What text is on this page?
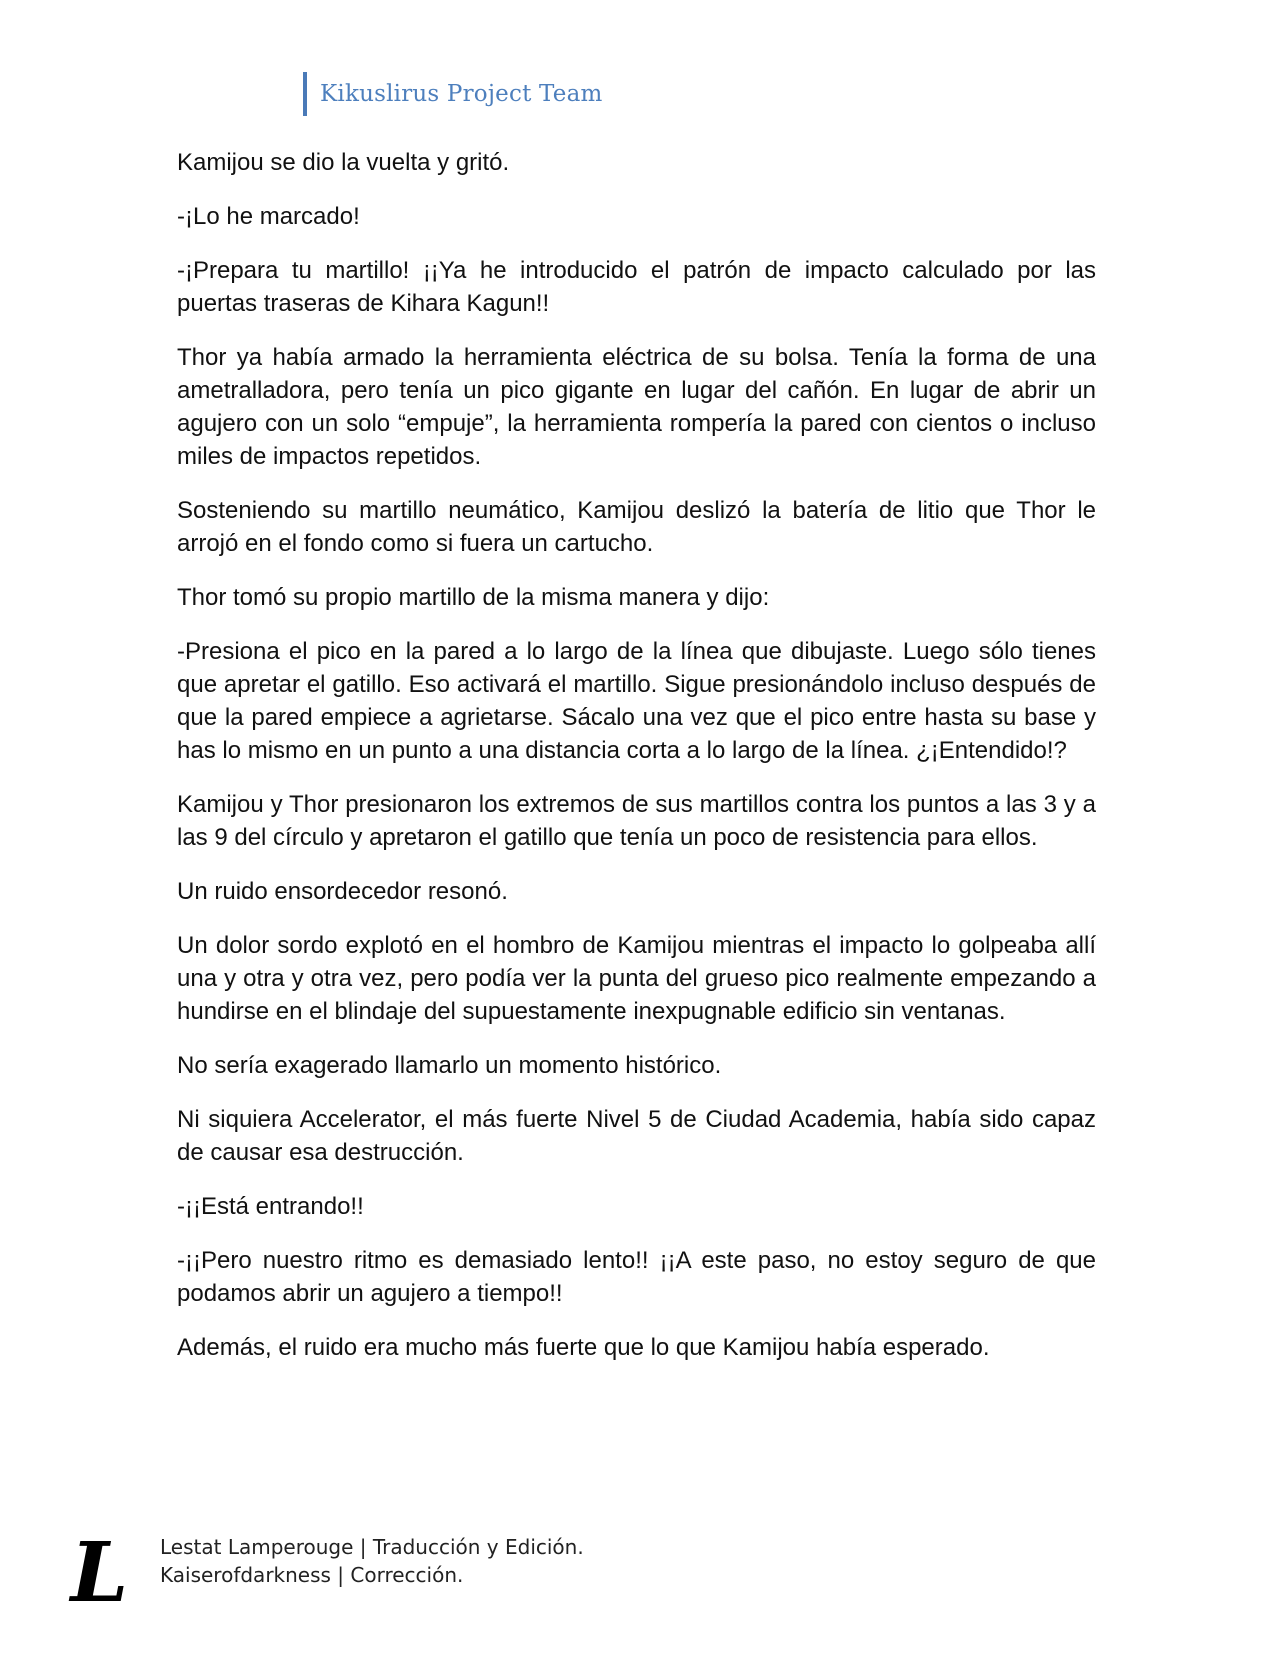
Kikuslirus Project Team

Kamijou se dio la vuelta y gritó.

-¡Lo he marcado!

-¡Prepara tu martillo! ¡¡Ya he introducido el patrón de impacto calculado por las puertas traseras de Kihara Kagun!!

Thor ya había armado la herramienta eléctrica de su bolsa. Tenía la forma de una ametralladora, pero tenía un pico gigante en lugar del cañón. En lugar de abrir un agujero con un solo “empuje”, la herramienta rompería la pared con cientos o incluso miles de impactos repetidos.

Sosteniendo su martillo neumático, Kamijou deslizó la batería de litio que Thor le arrojó en el fondo como si fuera un cartucho.

Thor tomó su propio martillo de la misma manera y dijo:

-Presiona el pico en la pared a lo largo de la línea que dibujaste. Luego sólo tienes que apretar el gatillo. Eso activará el martillo. Sigue presionándolo incluso después de que la pared empiece a agrietarse. Sácalo una vez que el pico entre hasta su base y has lo mismo en un punto a una distancia corta a lo largo de la línea. ¿¡Entendido!?

Kamijou y Thor presionaron los extremos de sus martillos contra los puntos a las 3 y a las 9 del círculo y apretaron el gatillo que tenía un poco de resistencia para ellos.

Un ruido ensordecedor resonó.

Un dolor sordo explotó en el hombro de Kamijou mientras el impacto lo golpeaba allí una y otra y otra vez, pero podía ver la punta del grueso pico realmente empezando a hundirse en el blindaje del supuestamente inexpugnable edificio sin ventanas.

No sería exagerado llamarlo un momento histórico.

Ni siquiera Accelerator, el más fuerte Nivel 5 de Ciudad Academia, había sido capaz de causar esa destrucción.

-¡¡Está entrando!!

-¡¡Pero nuestro ritmo es demasiado lento!! ¡¡A este paso, no estoy seguro de que podamos abrir un agujero a tiempo!!

Además, el ruido era mucho más fuerte que lo que Kamijou había esperado.

L	Lestat Lamperouge | Traducción y Edición.
Kaiserofdarkness | Corrección.
